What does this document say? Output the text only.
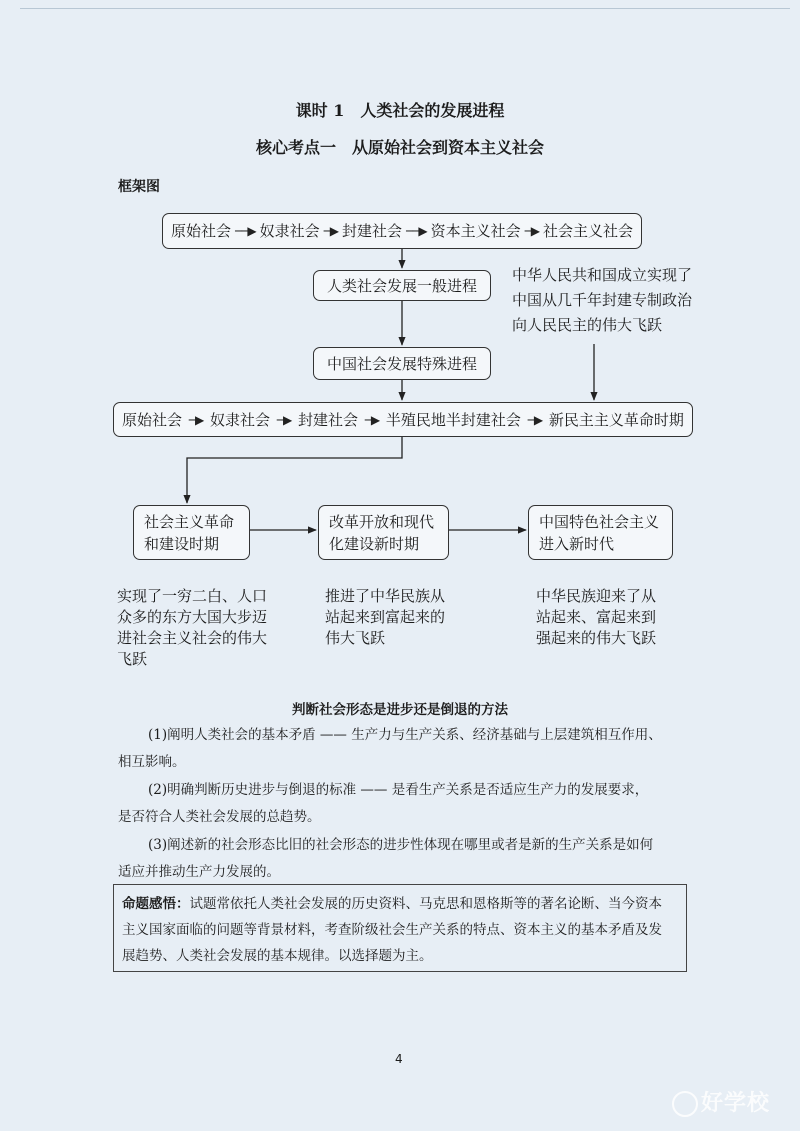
课时 1　人类社会的发展进程
核心考点一　从原始社会到资本主义社会
框架图
原始社会 ──▶ 奴隶社会 ─▶ 封建社会 ──▶ 资本主义社会 ─▶ 社会主义社会
人类社会发展一般进程
中华人民共和国成立实现了
中国从几千年封建专制政治
向人民民主的伟大飞跃
中国社会发展特殊进程
原始社会 ─▶ 奴隶社会 ─▶ 封建社会 ─▶ 半殖民地半封建社会 ─▶ 新民主主义革命时期
社会主义革命
和建设时期
改革开放和现代
化建设新时期
中国特色社会主义
进入新时代
实现了一穷二白、人口
众多的东方大国大步迈
进社会主义社会的伟大
飞跃
推进了中华民族从
站起来到富起来的
伟大飞跃
中华民族迎来了从
站起来、富起来到
强起来的伟大飞跃
判断社会形态是进步还是倒退的方法
(1)阐明人类社会的基本矛盾 —— 生产力与生产关系、经济基础与上层建筑相互作用、
相互影响。
(2)明确判断历史进步与倒退的标准 —— 是看生产关系是否适应生产力的发展要求，
是否符合人类社会发展的总趋势。
(3)阐述新的社会形态比旧的社会形态的进步性体现在哪里或者是新的生产关系是如何
适应并推动生产力发展的。
命题感悟：试题常依托人类社会发展的历史资料、马克思和恩格斯等的著名论断、当今资本
主义国家面临的问题等背景材料，考查阶级社会生产关系的特点、资本主义的基本矛盾及发
展趋势、人类社会发展的基本规律。以选择题为主。
4
好学校
